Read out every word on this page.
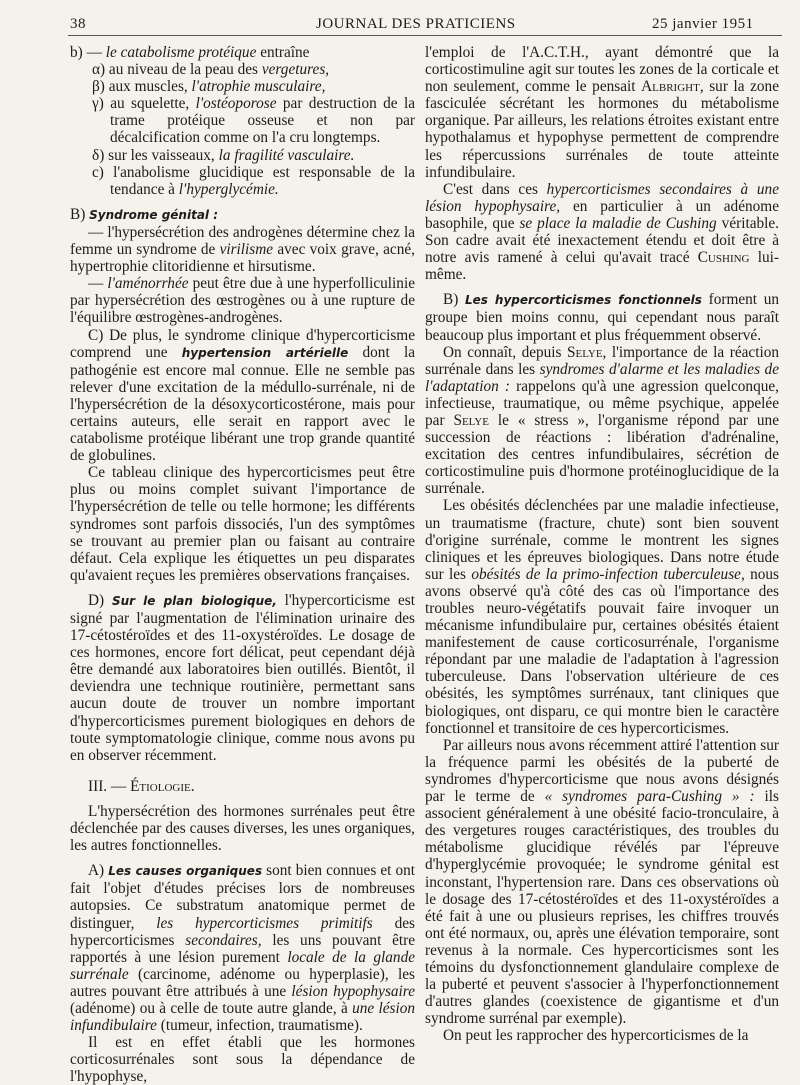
38	JOURNAL DES PRATICIENS	25 janvier 1951

b) — le catabolisme protéique entraîne

α) au niveau de la peau des vergetures,

β) aux muscles, l'atrophie musculaire,

γ) au squelette, l'ostéoporose par destruction de la trame protéique osseuse et non par décalcification comme on l'a cru longtemps.

δ) sur les vaisseaux, la fragilité vasculaire.

c) l'anabolisme glucidique est responsable de la tendance à l'hyperglycémie.

B) Syndrome génital :

— l'hypersécrétion des androgènes détermine chez la femme un syndrome de virilisme avec voix grave, acné, hypertrophie clitoridienne et hirsutisme.

— l'aménorrhée peut être due à une hyperfolliculinie par hypersécrétion des œstrogènes ou à une rupture de l'équilibre œstrogènes-androgènes.

C) De plus, le syndrome clinique d'hypercorticisme comprend une hypertension artérielle dont la pathogénie est encore mal connue. Elle ne semble pas relever d'une excitation de la médullo-surrénale, ni de l'hypersécrétion de la désoxycorticostérone, mais pour certains auteurs, elle serait en rapport avec le catabolisme protéique libérant une trop grande quantité de globulines.

Ce tableau clinique des hypercorticismes peut être plus ou moins complet suivant l'importance de l'hypersécrétion de telle ou telle hormone; les différents syndromes sont parfois dissociés, l'un des symptômes se trouvant au premier plan ou faisant au contraire défaut. Cela explique les étiquettes un peu disparates qu'avaient reçues les premières observations françaises.

D) Sur le plan biologique, l'hypercorticisme est signé par l'augmentation de l'élimination urinaire des 17-cétostéroïdes et des 11-oxystéroïdes. Le dosage de ces hormones, encore fort délicat, peut cependant déjà être demandé aux laboratoires bien outillés. Bientôt, il deviendra une technique routinière, permettant sans aucun doute de trouver un nombre important d'hypercorticismes purement biologiques en dehors de toute symptomatologie clinique, comme nous avons pu en observer récemment.

III. — Étiologie.

L'hypersécrétion des hormones surrénales peut être déclenchée par des causes diverses, les unes organiques, les autres fonctionnelles.

A) Les causes organiques sont bien connues et ont fait l'objet d'études précises lors de nombreuses autopsies. Ce substratum anatomique permet de distinguer, les hypercorticismes primitifs des hypercorticismes secondaires, les uns pouvant être rapportés à une lésion purement locale de la glande surrénale (carcinome, adénome ou hyperplasie), les autres pouvant être attribués à une lésion hypophysaire (adénome) ou à celle de toute autre glande, à une lésion infundibulaire (tumeur, infection, traumatisme).

Il est en effet établi que les hormones corticosurrénales sont sous la dépendance de l'hypophyse,

l'emploi de l'A.C.T.H., ayant démontré que la corticostimuline agit sur toutes les zones de la corticale et non seulement, comme le pensait Albright, sur la zone fasciculée sécrétant les hormones du métabolisme organique. Par ailleurs, les relations étroites existant entre hypothalamus et hypophyse permettent de comprendre les répercussions surrénales de toute atteinte infundibulaire.

C'est dans ces hypercorticismes secondaires à une lésion hypophysaire, en particulier à un adénome basophile, que se place la maladie de Cushing véritable. Son cadre avait été inexactement étendu et doit être à notre avis ramené à celui qu'avait tracé Cushing lui-même.

B) Les hypercorticismes fonctionnels forment un groupe bien moins connu, qui cependant nous paraît beaucoup plus important et plus fréquemment observé.

On connaît, depuis Selye, l'importance de la réaction surrénale dans les syndromes d'alarme et les maladies de l'adaptation : rappelons qu'à une agression quelconque, infectieuse, traumatique, ou même psychique, appelée par Selye le « stress », l'organisme répond par une succession de réactions : libération d'adrénaline, excitation des centres infundibulaires, sécrétion de corticostimuline puis d'hormone protéinoglucidique de la surrénale.

Les obésités déclenchées par une maladie infectieuse, un traumatisme (fracture, chute) sont bien souvent d'origine surrénale, comme le montrent les signes cliniques et les épreuves biologiques. Dans notre étude sur les obésités de la primo-infection tuberculeuse, nous avons observé qu'à côté des cas où l'importance des troubles neuro-végétatifs pouvait faire invoquer un mécanisme infundibulaire pur, certaines obésités étaient manifestement de cause corticosurrénale, l'organisme répondant par une maladie de l'adaptation à l'agression tuberculeuse. Dans l'observation ultérieure de ces obésités, les symptômes surrénaux, tant cliniques que biologiques, ont disparu, ce qui montre bien le caractère fonctionnel et transitoire de ces hypercorticismes.

Par ailleurs nous avons récemment attiré l'attention sur la fréquence parmi les obésités de la puberté de syndromes d'hypercorticisme que nous avons désignés par le terme de « syndromes para-Cushing » : ils associent généralement à une obésité facio-tronculaire, à des vergetures rouges caractéristiques, des troubles du métabolisme glucidique révélés par l'épreuve d'hyperglycémie provoquée; le syndrome génital est inconstant, l'hypertension rare. Dans ces observations où le dosage des 17-cétostéroïdes et des 11-oxystéroïdes a été fait à une ou plusieurs reprises, les chiffres trouvés ont été normaux, ou, après une élévation temporaire, sont revenus à la normale. Ces hypercorticismes sont les témoins du dysfonctionnement glandulaire complexe de la puberté et peuvent s'associer à l'hyperfonctionnement d'autres glandes (coexistence de gigantisme et d'un syndrome surrénal par exemple).

On peut les rapprocher des hypercorticismes de la
